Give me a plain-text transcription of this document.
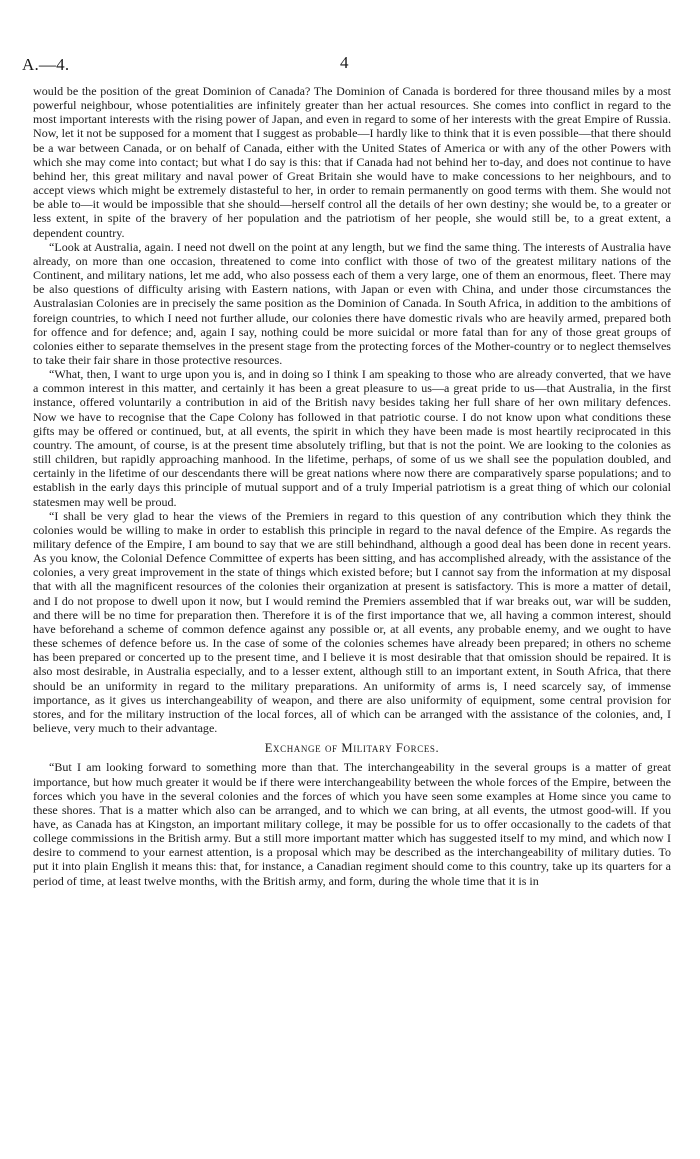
A.—4.	4

would be the position of the great Dominion of Canada? The Dominion of Canada is bordered for three thousand miles by a most powerful neighbour, whose potentialities are infinitely greater than her actual resources. She comes into conflict in regard to the most important interests with the rising power of Japan, and even in regard to some of her interests with the great Empire of Russia. Now, let it not be supposed for a moment that I suggest as probable—I hardly like to think that it is even possible—that there should be a war between Canada, or on behalf of Canada, either with the United States of America or with any of the other Powers with which she may come into contact; but what I do say is this: that if Canada had not behind her to-day, and does not continue to have behind her, this great military and naval power of Great Britain she would have to make concessions to her neighbours, and to accept views which might be extremely distasteful to her, in order to remain permanently on good terms with them. She would not be able to—it would be impossible that she should—herself control all the details of her own destiny; she would be, to a greater or less extent, in spite of the bravery of her population and the patriotism of her people, she would still be, to a great extent, a dependent country.

“Look at Australia, again. I need not dwell on the point at any length, but we find the same thing. The interests of Australia have already, on more than one occasion, threatened to come into conflict with those of two of the greatest military nations of the Continent, and military nations, let me add, who also possess each of them a very large, one of them an enormous, fleet. There may be also questions of difficulty arising with Eastern nations, with Japan or even with China, and under those circumstances the Australasian Colonies are in precisely the same position as the Dominion of Canada. In South Africa, in addition to the ambitions of foreign countries, to which I need not further allude, our colonies there have domestic rivals who are heavily armed, prepared both for offence and for defence; and, again I say, nothing could be more suicidal or more fatal than for any of those great groups of colonies either to separate themselves in the present stage from the protecting forces of the Mother-country or to neglect themselves to take their fair share in those protective resources.

“What, then, I want to urge upon you is, and in doing so I think I am speaking to those who are already converted, that we have a common interest in this matter, and certainly it has been a great pleasure to us—a great pride to us—that Australia, in the first instance, offered voluntarily a contribution in aid of the British navy besides taking her full share of her own military defences. Now we have to recognise that the Cape Colony has followed in that patriotic course. I do not know upon what conditions these gifts may be offered or continued, but, at all events, the spirit in which they have been made is most heartily reciprocated in this country. The amount, of course, is at the present time absolutely trifling, but that is not the point. We are looking to the colonies as still children, but rapidly approaching manhood. In the lifetime, perhaps, of some of us we shall see the population doubled, and certainly in the lifetime of our descendants there will be great nations where now there are comparatively sparse populations; and to establish in the early days this principle of mutual support and of a truly Imperial patriotism is a great thing of which our colonial statesmen may well be proud.

“I shall be very glad to hear the views of the Premiers in regard to this question of any contribution which they think the colonies would be willing to make in order to establish this principle in regard to the naval defence of the Empire. As regards the military defence of the Empire, I am bound to say that we are still behindhand, although a good deal has been done in recent years. As you know, the Colonial Defence Committee of experts has been sitting, and has accomplished already, with the assistance of the colonies, a very great improvement in the state of things which existed before; but I cannot say from the information at my disposal that with all the magnificent resources of the colonies their organization at present is satisfactory. This is more a matter of detail, and I do not propose to dwell upon it now, but I would remind the Premiers assembled that if war breaks out, war will be sudden, and there will be no time for preparation then. Therefore it is of the first importance that we, all having a common interest, should have beforehand a scheme of common defence against any possible or, at all events, any probable enemy, and we ought to have these schemes of defence before us. In the case of some of the colonies schemes have already been prepared; in others no scheme has been prepared or concerted up to the present time, and I believe it is most desirable that that omission should be repaired. It is also most desirable, in Australia especially, and to a lesser extent, although still to an important extent, in South Africa, that there should be an uniformity in regard to the military preparations. An uniformity of arms is, I need scarcely say, of immense importance, as it gives us interchangeability of weapon, and there are also uniformity of equipment, some central provision for stores, and for the military instruction of the local forces, all of which can be arranged with the assistance of the colonies, and, I believe, very much to their advantage.

Exchange of Military Forces.

“But I am looking forward to something more than that. The interchangeability in the several groups is a matter of great importance, but how much greater it would be if there were interchangeability between the whole forces of the Empire, between the forces which you have in the several colonies and the forces of which you have seen some examples at Home since you came to these shores. That is a matter which also can be arranged, and to which we can bring, at all events, the utmost good-will. If you have, as Canada has at Kingston, an important military college, it may be possible for us to offer occasionally to the cadets of that college commissions in the British army. But a still more important matter which has suggested itself to my mind, and which now I desire to commend to your earnest attention, is a proposal which may be described as the interchangeability of military duties. To put it into plain English it means this: that, for instance, a Canadian regiment should come to this country, take up its quarters for a period of time, at least twelve months, with the British army, and form, during the whole time that it is in
